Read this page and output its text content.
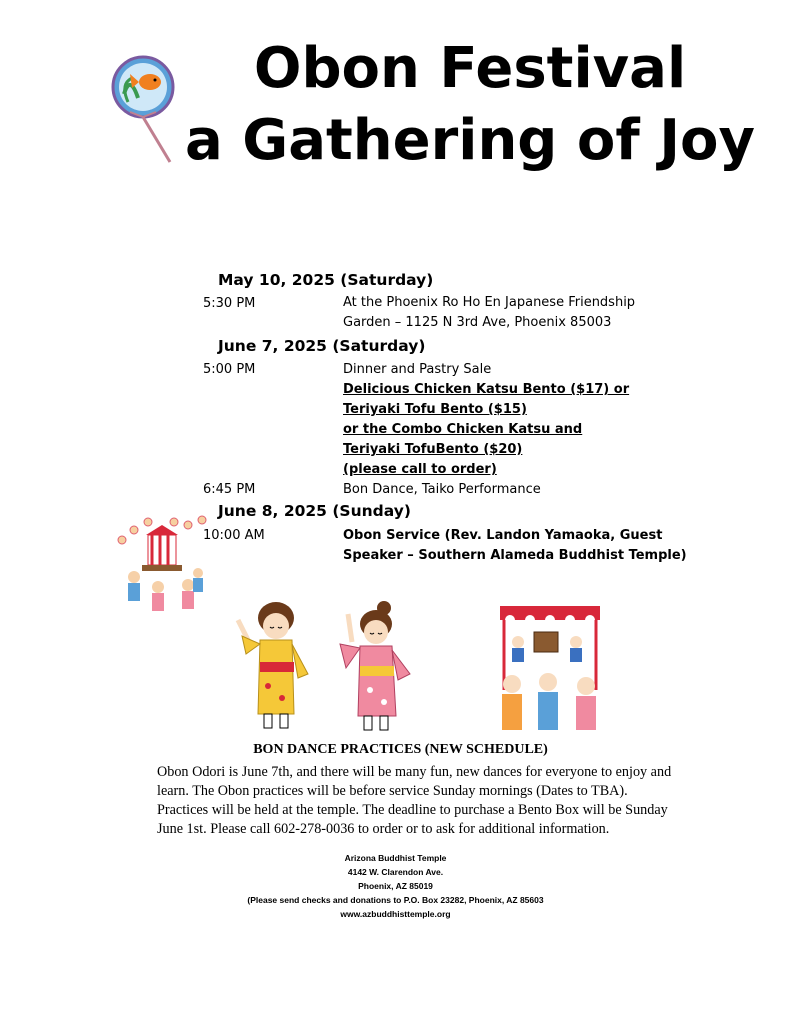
Obon Festival
a Gathering of Joy
May 10, 2025 (Saturday)
5:30 PM	At the Phoenix Ro Ho En Japanese Friendship
Garden – 1125 N 3rd Ave, Phoenix 85003
June 7, 2025 (Saturday)
5:00 PM	Dinner and Pastry Sale
Delicious Chicken Katsu Bento ($17) or
Teriyaki Tofu Bento ($15)
or the Combo Chicken Katsu and
Teriyaki TofuBento ($20)
(please call to order)
6:45 PM	Bon Dance, Taiko Performance
June 8, 2025 (Sunday)
10:00 AM	Obon Service (Rev. Landon Yamaoka, Guest
Speaker – Southern Alameda Buddhist Temple)
BON DANCE PRACTICES (NEW SCHEDULE)
Obon Odori is June 7th, and there will be many fun, new dances for everyone to enjoy and learn. The Obon practices will be before service Sunday mornings (Dates to TBA). Practices will be held at the temple. The deadline to purchase a Bento Box will be Sunday June 1st. Please call 602-278-0036 to order or to ask for additional information.
Arizona Buddhist Temple
4142 W. Clarendon Ave.
Phoenix, AZ 85019
(Please send checks and donations to P.O. Box 23282, Phoenix, AZ 85603
www.azbuddhisttemple.org
